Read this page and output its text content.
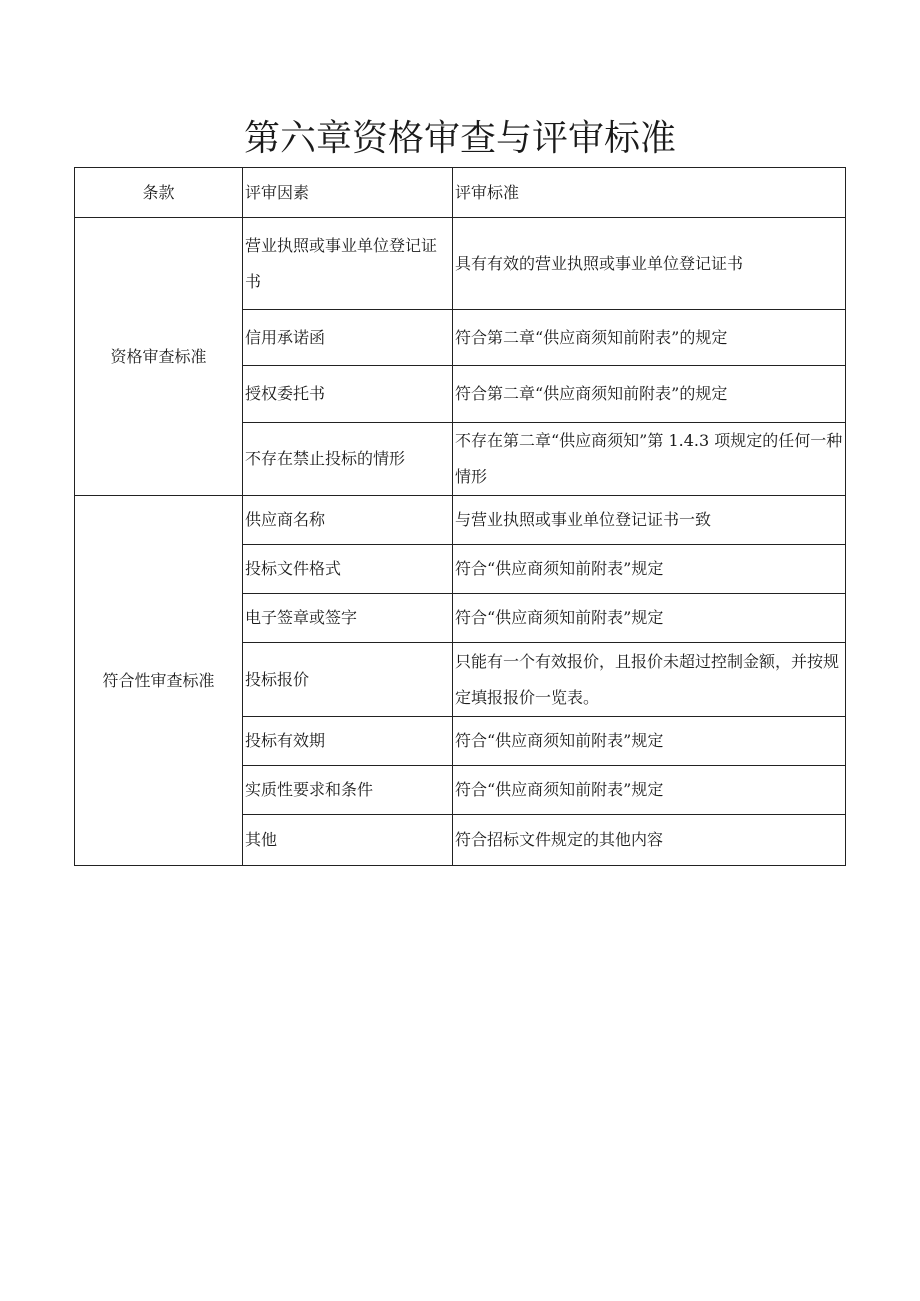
第六章资格审查与评审标准
条款	评审因素	评审标准
资格审查标准	营业执照或事业单位登记证书	具有有效的营业执照或事业单位登记证书
	信用承诺函	符合第二章“供应商须知前附表”的规定
	授权委托书	符合第二章“供应商须知前附表”的规定
	不存在禁止投标的情形	不存在第二章“供应商须知”第 1.4.3 项规定的任何一种情形
符合性审查标准	供应商名称	与营业执照或事业单位登记证书一致
	投标文件格式	符合“供应商须知前附表”规定
	电子签章或签字	符合“供应商须知前附表”规定
	投标报价	只能有一个有效报价，且报价未超过控制金额，并按规定填报报价一览表。
	投标有效期	符合“供应商须知前附表”规定
	实质性要求和条件	符合“供应商须知前附表”规定
	其他	符合招标文件规定的其他内容
